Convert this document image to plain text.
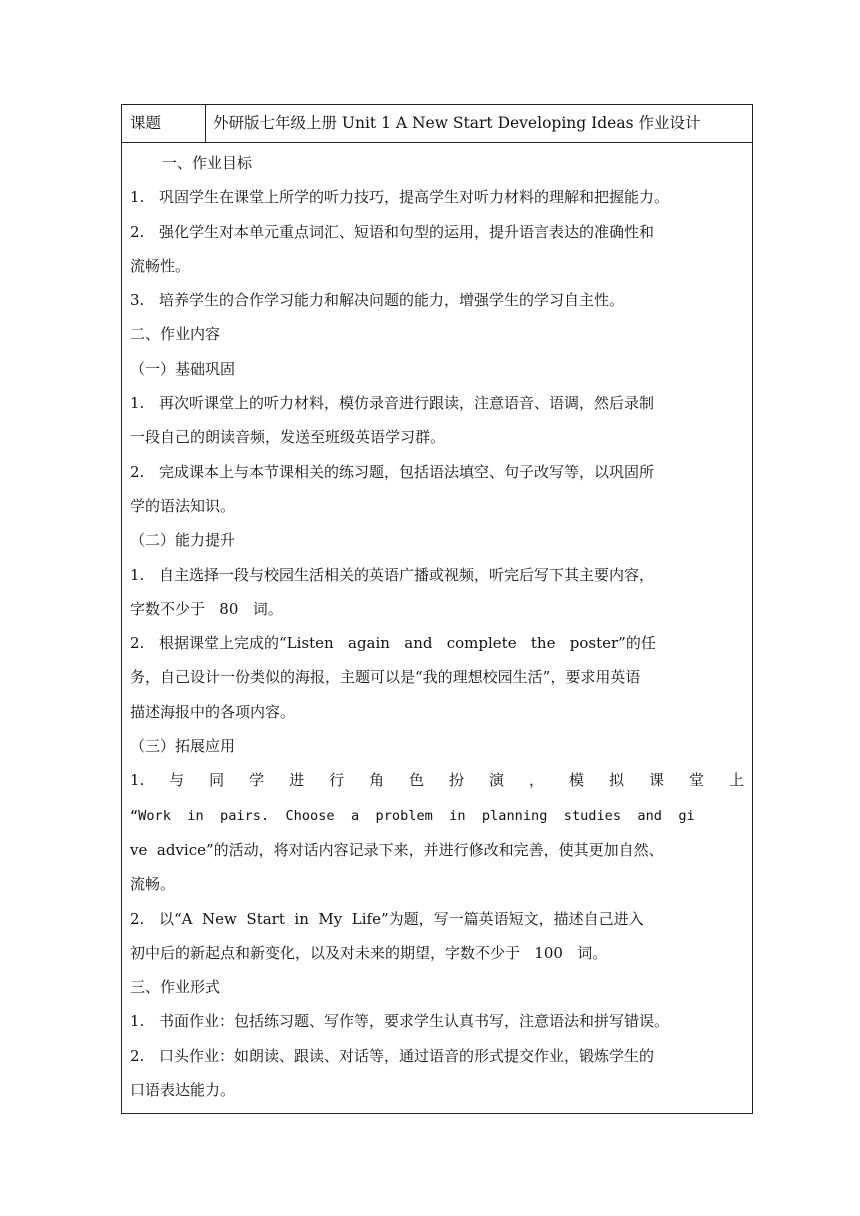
课题	外研版七年级上册 Unit 1 A New Start Developing Ideas 作业设计
一、作业目标
1. 巩固学生在课堂上所学的听力技巧，提高学生对听力材料的理解和把握能力。
2. 强化学生对本单元重点词汇、短语和句型的运用，提升语言表达的准确性和
流畅性。
3. 培养学生的合作学习能力和解决问题的能力，增强学生的学习自主性。
二、作业内容
（一）基础巩固
1. 再次听课堂上的听力材料，模仿录音进行跟读，注意语音、语调，然后录制
一段自己的朗读音频，发送至班级英语学习群。
2. 完成课本上与本节课相关的练习题，包括语法填空、句子改写等，以巩固所
学的语法知识。
（二）能力提升
1. 自主选择一段与校园生活相关的英语广播或视频，听完后写下其主要内容，
字数不少于   80   词。
2. 根据课堂上完成的“Listen   again   and   complete   the   poster”的任
务，自己设计一份类似的海报，主题可以是“我的理想校园生活”，要求用英语
描述海报中的各项内容。
（三）拓展应用
1. 与 同 学 进 行 角 色 扮 演 ， 模 拟 课 堂 上
“Work  in  pairs.  Choose  a  problem  in  planning  studies  and  gi
ve  advice”的活动，将对话内容记录下来，并进行修改和完善，使其更加自然、
流畅。
2. 以“A  New  Start  in  My  Life”为题，写一篇英语短文，描述自己进入
初中后的新起点和新变化，以及对未来的期望，字数不少于   100   词。
三、作业形式
1. 书面作业：包括练习题、写作等，要求学生认真书写，注意语法和拼写错误。
2. 口头作业：如朗读、跟读、对话等，通过语音的形式提交作业，锻炼学生的
口语表达能力。
